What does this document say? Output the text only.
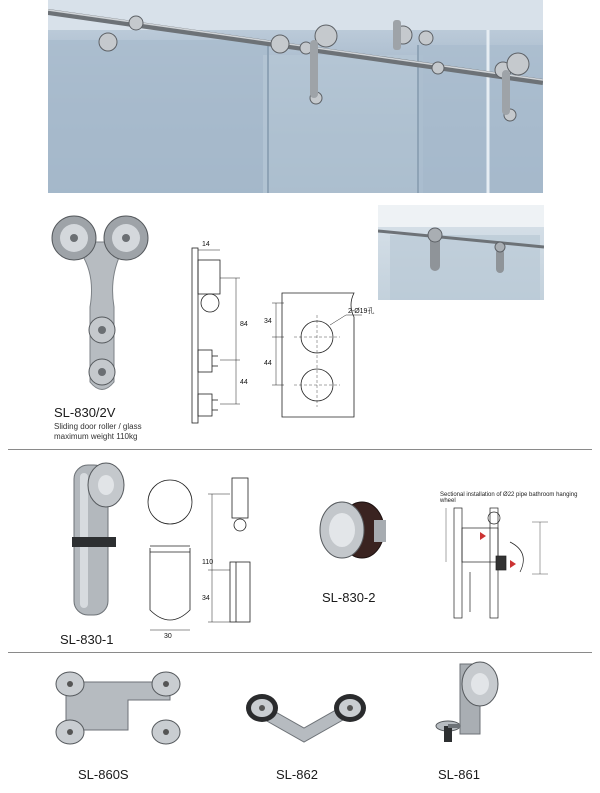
SL-830/2V
Sliding door roller / glass
maximum weight 110kg
14
84
44
34
44
2-Ø19孔
SL-830-1
110
34
30
SL-830-2
Sectional installation of Ø22 pipe bathroom hanging wheel
SL-860S	SL-862	SL-861
